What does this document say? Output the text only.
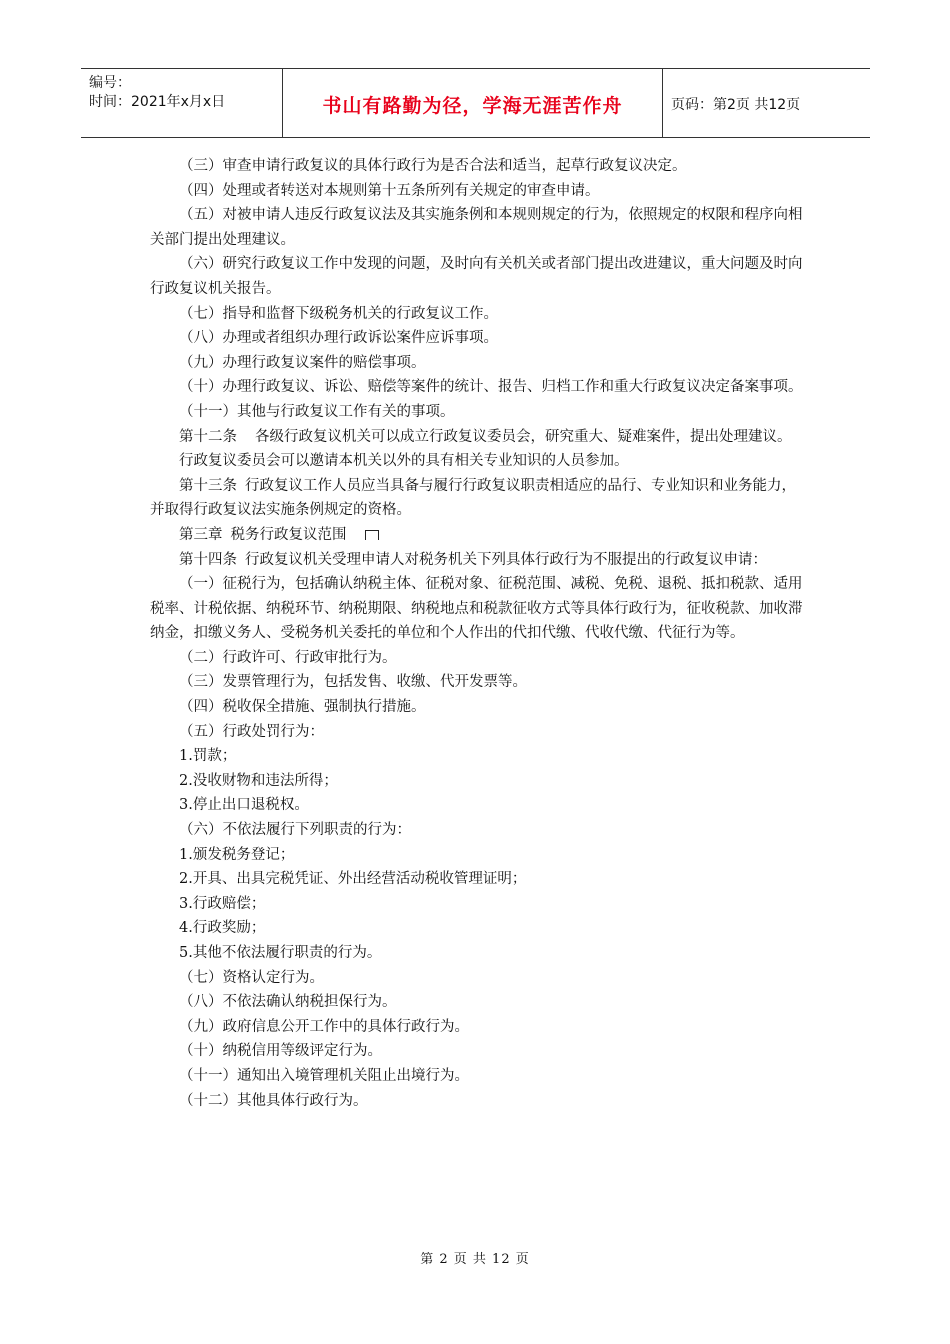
编号：
时间：2021年x月x日	书山有路勤为径，学海无涯苦作舟	页码：第2页 共12页

（三）审查申请行政复议的具体行政行为是否合法和适当，起草行政复议决定。

（四）处理或者转送对本规则第十五条所列有关规定的审查申请。

（五）对被申请人违反行政复议法及其实施条例和本规则规定的行为，依照规定的权限和程序向相关部门提出处理建议。

（六）研究行政复议工作中发现的问题，及时向有关机关或者部门提出改进建议，重大问题及时向行政复议机关报告。

（七）指导和监督下级税务机关的行政复议工作。

（八）办理或者组织办理行政诉讼案件应诉事项。

（九）办理行政复议案件的赔偿事项。

（十）办理行政复议、诉讼、赔偿等案件的统计、报告、归档工作和重大行政复议决定备案事项。

（十一）其他与行政复议工作有关的事项。

第十二条 各级行政复议机关可以成立行政复议委员会，研究重大、疑难案件，提出处理建议。

行政复议委员会可以邀请本机关以外的具有相关专业知识的人员参加。

第十三条 行政复议工作人员应当具备与履行行政复议职责相适应的品行、专业知识和业务能力，并取得行政复议法实施条例规定的资格。

第三章 税务行政复议范围

第十四条 行政复议机关受理申请人对税务机关下列具体行政行为不服提出的行政复议申请：

（一）征税行为，包括确认纳税主体、征税对象、征税范围、减税、免税、退税、抵扣税款、适用税率、计税依据、纳税环节、纳税期限、纳税地点和税款征收方式等具体行政行为，征收税款、加收滞纳金，扣缴义务人、受税务机关委托的单位和个人作出的代扣代缴、代收代缴、代征行为等。

（二）行政许可、行政审批行为。

（三）发票管理行为，包括发售、收缴、代开发票等。

（四）税收保全措施、强制执行措施。

（五）行政处罚行为：

1.罚款；

2.没收财物和违法所得；

3.停止出口退税权。

（六）不依法履行下列职责的行为：

1.颁发税务登记；

2.开具、出具完税凭证、外出经营活动税收管理证明；

3.行政赔偿；

4.行政奖励；

5.其他不依法履行职责的行为。

（七）资格认定行为。

（八）不依法确认纳税担保行为。

（九）政府信息公开工作中的具体行政行为。

（十）纳税信用等级评定行为。

（十一）通知出入境管理机关阻止出境行为。

（十二）其他具体行政行为。

第 2 页 共 12 页
